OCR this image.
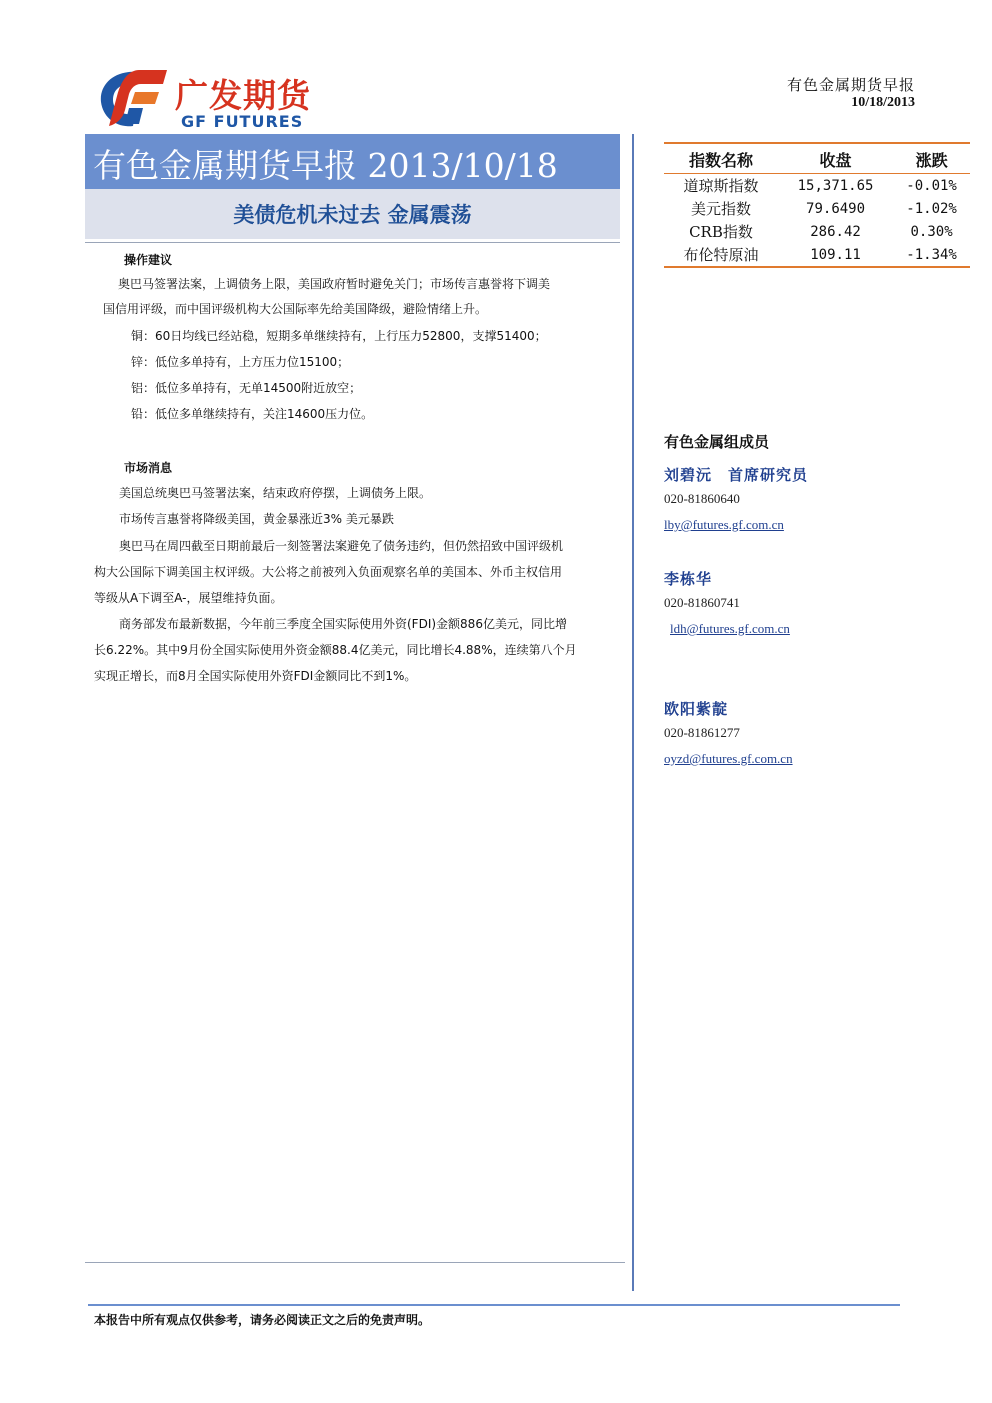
广发期货
GF FUTURES
有色金属期货早报
10/18/2013
有色金属期货早报 2013/10/18
美债危机未过去 金属震荡
指数名称	收盘	涨跌
道琼斯指数	15,371.65	-0.01%
美元指数	79.6490	-1.02%
CRB指数	286.42	0.30%
布伦特原油	109.11	-1.34%
操作建议
奥巴马签署法案，上调债务上限，美国政府暂时避免关门；市场传言惠誉将下调美
国信用评级，而中国评级机构大公国际率先给美国降级，避险情绪上升。
铜：60日均线已经站稳，短期多单继续持有，上行压力52800，支撑51400；
锌：低位多单持有，上方压力位15100；
铝：低位多单持有，无单14500附近放空；
铅：低位多单继续持有，关注14600压力位。
市场消息
美国总统奥巴马签署法案，结束政府停摆，上调债务上限。
市场传言惠誉将降级美国，黄金暴涨近3% 美元暴跌
奥巴马在周四截至日期前最后一刻签署法案避免了债务违约，但仍然招致中国评级机
构大公国际下调美国主权评级。大公将之前被列入负面观察名单的美国本、外币主权信用
等级从A下调至A-，展望维持负面。
商务部发布最新数据，今年前三季度全国实际使用外资(FDI)金额886亿美元，同比增
长6.22%。其中9月份全国实际使用外资金额88.4亿美元，同比增长4.88%，连续第八个月
实现正增长，而8月全国实际使用外资FDI金额同比不到1%。
有色金属组成员
刘碧沅　首席研究员
020-81860640
lby@futures.gf.com.cn
李栋华
020-81860741
ldh@futures.gf.com.cn
欧阳紫靛
020-81861277
oyzd@futures.gf.com.cn
本报告中所有观点仅供参考，请务必阅读正文之后的免责声明。
